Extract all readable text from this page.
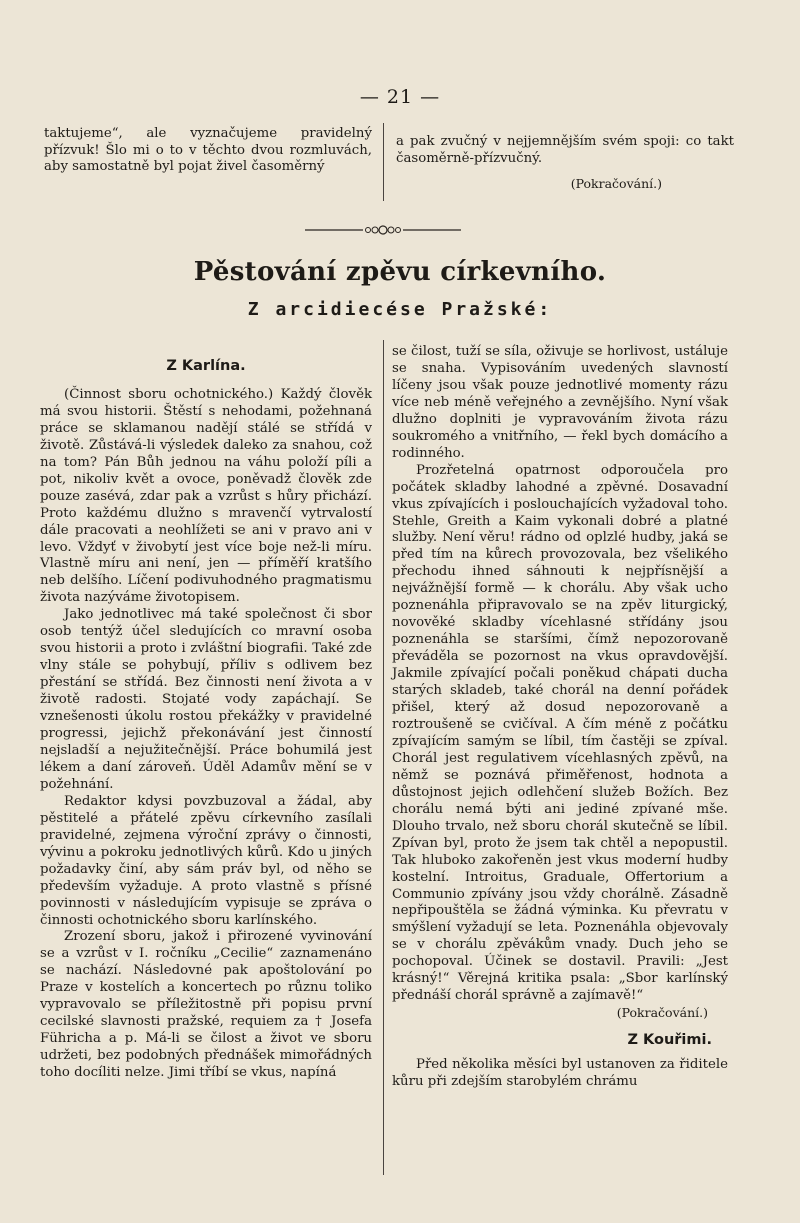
— 21 —
taktujeme“, ale vyznačujeme pravidelný přízvuk! Šlo mi o to v těchto dvou rozmluvách, aby samostatně byl pojat živel časoměrný
a pak zvučný v nejjemnějším svém spoji: co takt časoměrně-přízvučný.
(Pokračování.)
Pěstování zpěvu církevního.
Z arcidiecése Pražské:

Z Karlína.

(Činnost sboru ochotnického.) Každý člověk má svou historii. Štěstí s nehodami, požehnaná práce se sklamanou nadějí stálé se střídá v životě. Zůstává-li výsledek daleko za snahou, což na tom? Pán Bůh jednou na váhu položí píli a pot, nikoliv květ a ovoce, poněvadž člověk zde pouze zasévá, zdar pak a vzrůst s hůry přichází. Proto každému dlužno s mravenčí vytrvalostí dále pracovati a neohlížeti se ani v pravo ani v levo. Vždyť v živobytí jest více boje než-li míru. Vlastně míru ani není, jen — příměří kratšího neb delšího. Líčení podivuhodného pragmatismu života nazýváme životopisem.

Jako jednotlivec má také společnost či sbor osob tentýž účel sledujících co mravní osoba svou historii a proto i zvláštní biografii. Také zde vlny stále se pohybují, příliv s odlivem bez přestání se střídá. Bez činnosti není života a v životě radosti. Stojaté vody zapáchají. Se vznešenosti úkolu rostou překážky v pravidelné progressi, jejichž překonávání jest činností nejsladší a nejužitečnější. Práce bohumilá jest lékem a daní zároveň. Úděl Adamův mění se v požehnání.

Redaktor kdysi povzbuzoval a žádal, aby pěstitelé a přátelé zpěvu církevního zasílali pravidelné, zejmena výroční zprávy o činnosti, vývinu a pokroku jednotlivých kůrů. Kdo u jiných požadavky činí, aby sám práv byl, od něho se především vyžaduje. A proto vlastně s přísné povinnosti v následujícím vypisuje se zpráva o činnosti ochotnického sboru karlínského.

Zrození sboru, jakož i přirozené vyvinování se a vzrůst v I. ročníku „Cecilie“ zaznamenáno se nachází. Následovné pak apoštolování po Praze v kostelích a koncertech po různu toliko vypravovalo se příležitostně při popisu první cecilské slavnosti pražské, requiem za † Josefa Führicha a p. Má-li se čilost a život ve sboru udržeti, bez podobných přednášek mimořádných toho docíliti nelze. Jimi tříbí se vkus, napíná

se čilost, tuží se síla, oživuje se horlivost, ustáluje se snaha. Vypisováním uvedených slavností líčeny jsou však pouze jednotlivé momenty rázu více neb méně veřejného a zevnějšího. Nyní však dlužno doplniti je vypravováním života rázu soukromého a vnitřního, — řekl bych domácího a rodinného.

Prozřetelná opatrnost odporoučela pro počátek skladby lahodné a zpěvné. Dosavadní vkus zpívajících i poslouchajících vyžadoval toho. Stehle, Greith a Kaim vykonali dobré a platné služby. Není věru! rádno od oplzlé hudby, jaká se před tím na kůrech provozovala, bez všelikého přechodu ihned sáhnouti k nejpřísnější a nejvážnější formě — k chorálu. Aby však ucho poznenáhla připravovalo se na zpěv liturgický, novověké skladby vícehlasné střídány jsou poznenáhla se staršími, čímž nepozorovaně převáděla se pozornost na vkus opravdovější. Jakmile zpívající počali poněkud chápati ducha starých skladeb, také chorál na denní pořádek přišel, který až dosud nepozorovaně a roztroušeně se cvičíval. A čím méně z počátku zpívajícím samým se líbil, tím častěji se zpíval. Chorál jest regulativem vícehlasných zpěvů, na němž se poznává přiměřenost, hodnota a důstojnost jejich odlehčení služeb Božích. Bez chorálu nemá býti ani jediné zpívané mše. Dlouho trvalo, než sboru chorál skutečně se líbil. Zpívan byl, proto že jsem tak chtěl a nepopustil. Tak hluboko zakořeněn jest vkus moderní hudby kostelní. Introitus, Graduale, Offertorium a Communio zpívány jsou vždy chorálně. Zásadně nepřipouštěla se žádná výminka. Ku převratu v smýšlení vyžadují se leta. Poznenáhla objevovaly se v chorálu zpěvákům vnady. Duch jeho se pochopoval. Účinek se dostavil. Pravili: „Jest krásný!“ Věrejná kritika psala: „Sbor karlínský přednáší chorál správně a zajímavě!“

(Pokračování.)

Z Kouřimi.

Před několika měsíci byl ustanoven za řiditele kůru při zdejším starobylém chrámu
